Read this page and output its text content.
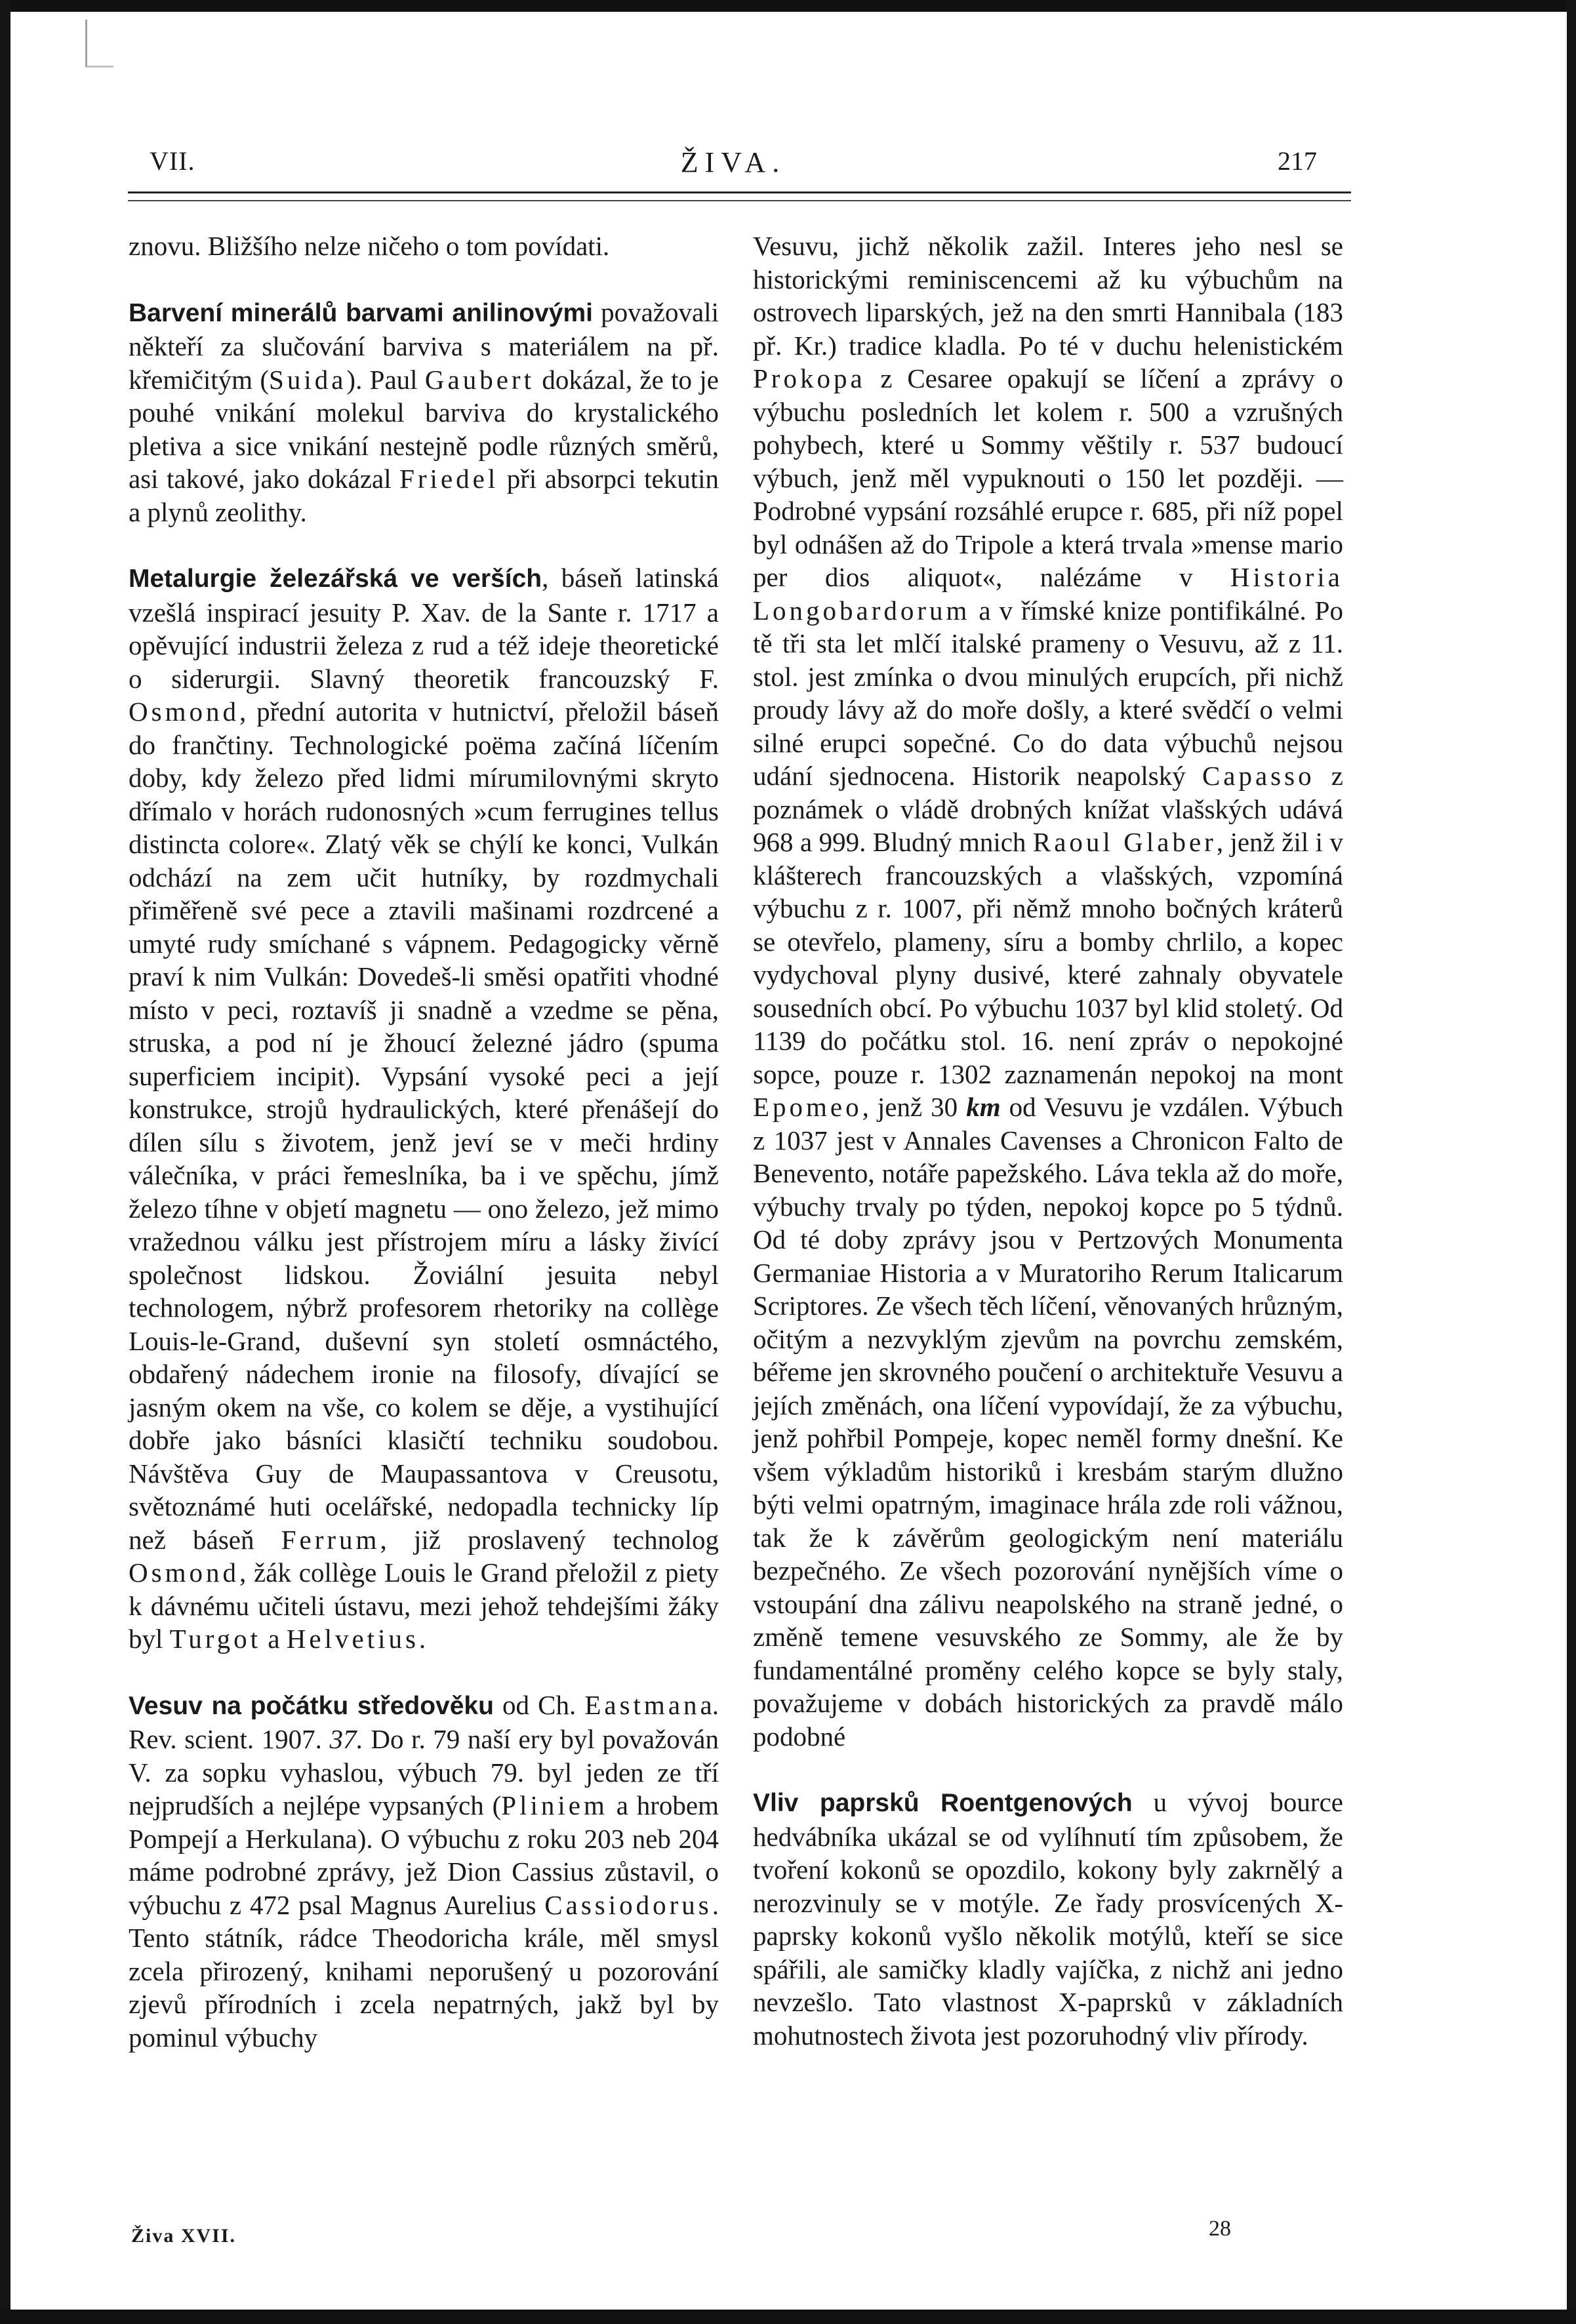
VII.	ŽIVA.	217

znovu. Bližšího nelze ničeho o tom povídati.

Barvení minerálů barvami anilinovými považovali někteří za slučování barviva s materiálem na př. křemičitým (Suida). Paul Gaubert dokázal, že to je pouhé vnikání molekul barviva do krystalického pletiva a sice vnikání nestejně podle různých směrů, asi takové, jako dokázal Friedel při absorpci tekutin a plynů zeolithy.

Metalurgie železářská ve verších, báseň latinská vzešlá inspirací jesuity P. Xav. de la Sante r. 1717 a opěvující industrii železa z rud a též ideje theoretické o siderurgii. Slavný theoretik francouzský F. Osmond, přední autorita v hutnictví, přeložil báseň do frančtiny. Technologické poëma začíná líčením doby, kdy železo před lidmi mírumilovnými skryto dřímalo v horách rudonosných »cum ferrugines tellus distincta colore«. Zlatý věk se chýlí ke konci, Vulkán odchází na zem učit hutníky, by rozdmychali přiměřeně své pece a ztavili mašinami rozdrcené a umyté rudy smíchané s vápnem. Pedagogicky věrně praví k nim Vulkán: Dovedeš-li směsi opatřiti vhodné místo v peci, roztavíš ji snadně a vzedme se pěna, struska, a pod ní je žhoucí železné jádro (spuma superficiem incipit). Vypsání vysoké peci a její konstrukce, strojů hydraulických, které přenášejí do dílen sílu s životem, jenž jeví se v meči hrdiny válečníka, v práci řemeslníka, ba i ve spěchu, jímž železo tíhne v objetí magnetu — ono železo, jež mimo vražednou válku jest přístrojem míru a lásky živící společnost lidskou. Žoviální jesuita nebyl technologem, nýbrž profesorem rhetoriky na collège Louis-le-Grand, duševní syn století osmnáctého, obdařený nádechem ironie na filosofy, dívající se jasným okem na vše, co kolem se děje, a vystihující dobře jako básníci klasičtí techniku soudobou. Návštěva Guy de Maupassantova v Creusotu, světoznámé huti ocelářské, nedopadla technicky líp než báseň Ferrum, již proslavený technolog Osmond, žák collège Louis le Grand přeložil z piety k dávnému učiteli ústavu, mezi jehož tehdejšími žáky byl Turgot a Helvetius.

Vesuv na počátku středověku od Ch. Eastmana. Rev. scient. 1907. 37. Do r. 79 naší ery byl považován V. za sopku vyhaslou, výbuch 79. byl jeden ze tří nejprudších a nejlépe vypsaných (Pliniem a hrobem Pompejí a Herkulana). O výbuchu z roku 203 neb 204 máme podrobné zprávy, jež Dion Cassius zůstavil, o výbuchu z 472 psal Magnus Aurelius Cassiodorus. Tento státník, rádce Theodoricha krále, měl smysl zcela přirozený, knihami neporušený u pozorování zjevů přírodních i zcela nepatrných, jakž byl by pominul výbuchy

Vesuvu, jichž několik zažil. Interes jeho nesl se historickými reminiscencemi až ku výbuchům na ostrovech liparských, jež na den smrti Hannibala (183 př. Kr.) tradice kladla. Po té v duchu helenistickém Prokopa z Cesaree opakují se líčení a zprávy o výbuchu posledních let kolem r. 500 a vzrušných pohybech, které u Sommy věštily r. 537 budoucí výbuch, jenž měl vypuknouti o 150 let později. — Podrobné vypsání rozsáhlé erupce r. 685, při níž popel byl odnášen až do Tripole a která trvala »mense mario per dios aliquot«, nalézáme v Historia Longobardorum a v římské knize pontifikálné. Po tě tři sta let mlčí italské prameny o Vesuvu, až z 11. stol. jest zmínka o dvou minulých erupcích, při nichž proudy lávy až do moře došly, a které svědčí o velmi silné erupci sopečné. Co do data výbuchů nejsou udání sjednocena. Historik neapolský Capasso z poznámek o vládě drobných knížat vlašských udává 968 a 999. Bludný mnich Raoul Glaber, jenž žil i v klášterech francouzských a vlašských, vzpomíná výbuchu z r. 1007, při němž mnoho bočných kráterů se otevřelo, plameny, síru a bomby chrlilo, a kopec vydychoval plyny dusivé, které zahnaly obyvatele sousedních obcí. Po výbuchu 1037 byl klid stoletý. Od 1139 do počátku stol. 16. není zpráv o nepokojné sopce, pouze r. 1302 zaznamenán nepokoj na mont Epomeo, jenž 30 km od Vesuvu je vzdálen. Výbuch z 1037 jest v Annales Cavenses a Chronicon Falto de Benevento, notáře papežského. Láva tekla až do moře, výbuchy trvaly po týden, nepokoj kopce po 5 týdnů. Od té doby zprávy jsou v Pertzových Monumenta Germaniae Historia a v Muratoriho Rerum Italicarum Scriptores. Ze všech těch líčení, věnovaných hrůzným, očitým a nezvyklým zjevům na povrchu zemském, béřeme jen skrovného poučení o architektuře Vesuvu a jejích změnách, ona líčení vypovídají, že za výbuchu, jenž pohřbil Pompeje, kopec neměl formy dnešní. Ke všem výkladům historiků i kresbám starým dlužno býti velmi opatrným, imaginace hrála zde roli vážnou, tak že k závěrům geologickým není materiálu bezpečného. Ze všech pozorování nynějších víme o vstoupání dna zálivu neapolského na straně jedné, o změně temene vesuvského ze Sommy, ale že by fundamentálné proměny celého kopce se byly staly, považujeme v dobách historických za pravdě málo podobné

Vliv paprsků Roentgenových u vývoj bource hedvábníka ukázal se od vylíhnutí tím způsobem, že tvoření kokonů se opozdilo, kokony byly zakrnělý a nerozvinuly se v motýle. Ze řady prosvícených X-paprsky kokonů vyšlo několik motýlů, kteří se sice spářili, ale samičky kladly vajíčka, z nichž ani jedno nevzešlo. Tato vlastnost X-paprsků v základních mohutnostech života jest pozoruhodný vliv přírody.

Živa XVII.	28
